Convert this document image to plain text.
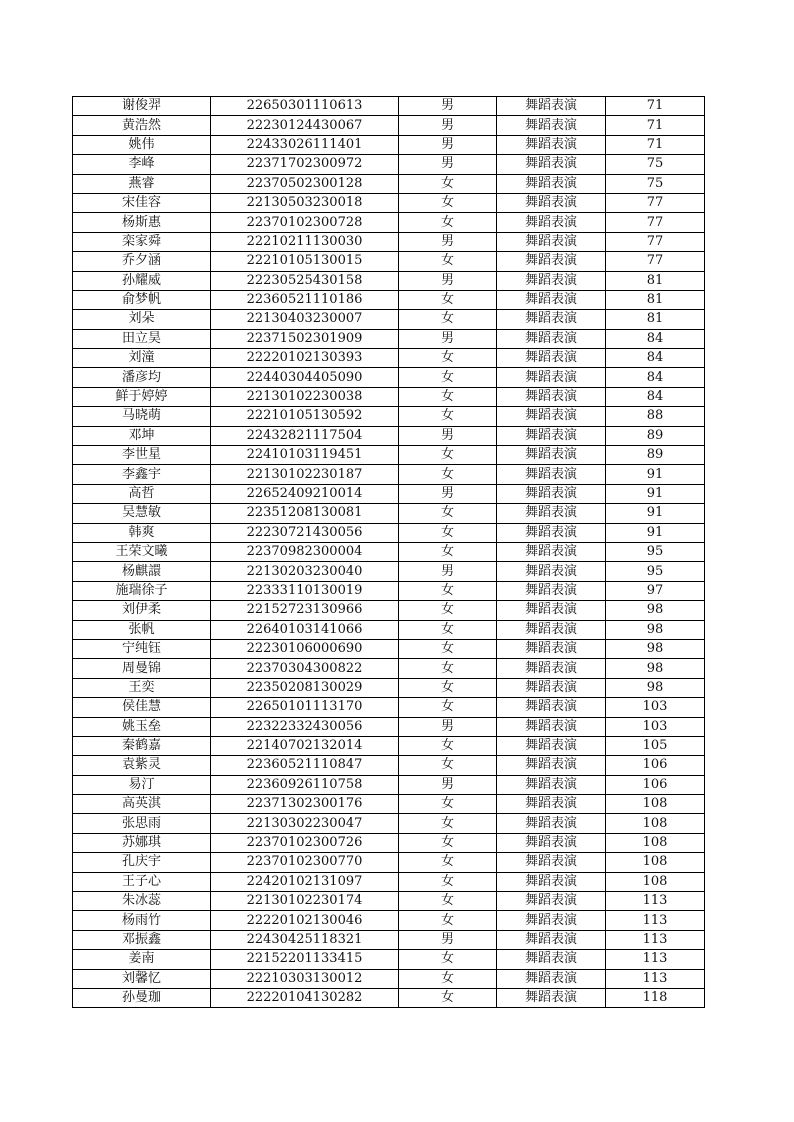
谢俊羿	22650301110613	男	舞蹈表演	71
黄浩然	22230124430067	男	舞蹈表演	71
姚伟	22433026111401	男	舞蹈表演	71
李峰	22371702300972	男	舞蹈表演	75
燕睿	22370502300128	女	舞蹈表演	75
宋佳容	22130503230018	女	舞蹈表演	77
杨斯惠	22370102300728	女	舞蹈表演	77
栾家舜	22210211130030	男	舞蹈表演	77
乔夕涵	22210105130015	女	舞蹈表演	77
孙耀威	22230525430158	男	舞蹈表演	81
俞梦帆	22360521110186	女	舞蹈表演	81
刘朵	22130403230007	女	舞蹈表演	81
田立昊	22371502301909	男	舞蹈表演	84
刘潼	22220102130393	女	舞蹈表演	84
潘彦均	22440304405090	女	舞蹈表演	84
鲜于婷婷	22130102230038	女	舞蹈表演	84
马晓萌	22210105130592	女	舞蹈表演	88
邓坤	22432821117504	男	舞蹈表演	89
李世星	22410103119451	女	舞蹈表演	89
李鑫宇	22130102230187	女	舞蹈表演	91
高哲	22652409210014	男	舞蹈表演	91
吴慧敏	22351208130081	女	舞蹈表演	91
韩爽	22230721430056	女	舞蹈表演	91
王荣文曦	22370982300004	女	舞蹈表演	95
杨麒譞	22130203230040	男	舞蹈表演	95
施瑞徐子	22333110130019	女	舞蹈表演	97
刘伊柔	22152723130966	女	舞蹈表演	98
张帆	22640103141066	女	舞蹈表演	98
宁纯钰	22230106000690	女	舞蹈表演	98
周曼锦	22370304300822	女	舞蹈表演	98
王奕	22350208130029	女	舞蹈表演	98
侯佳慧	22650101113170	女	舞蹈表演	103
姚玉垒	22322332430056	男	舞蹈表演	103
秦鹤嘉	22140702132014	女	舞蹈表演	105
袁紫灵	22360521110847	女	舞蹈表演	106
易汀	22360926110758	男	舞蹈表演	106
高英淇	22371302300176	女	舞蹈表演	108
张思雨	22130302230047	女	舞蹈表演	108
苏娜琪	22370102300726	女	舞蹈表演	108
孔庆宇	22370102300770	女	舞蹈表演	108
王子心	22420102131097	女	舞蹈表演	108
朱冰蕊	22130102230174	女	舞蹈表演	113
杨雨竹	22220102130046	女	舞蹈表演	113
邓振鑫	22430425118321	男	舞蹈表演	113
姜南	22152201133415	女	舞蹈表演	113
刘馨忆	22210303130012	女	舞蹈表演	113
孙曼珈	22220104130282	女	舞蹈表演	118
